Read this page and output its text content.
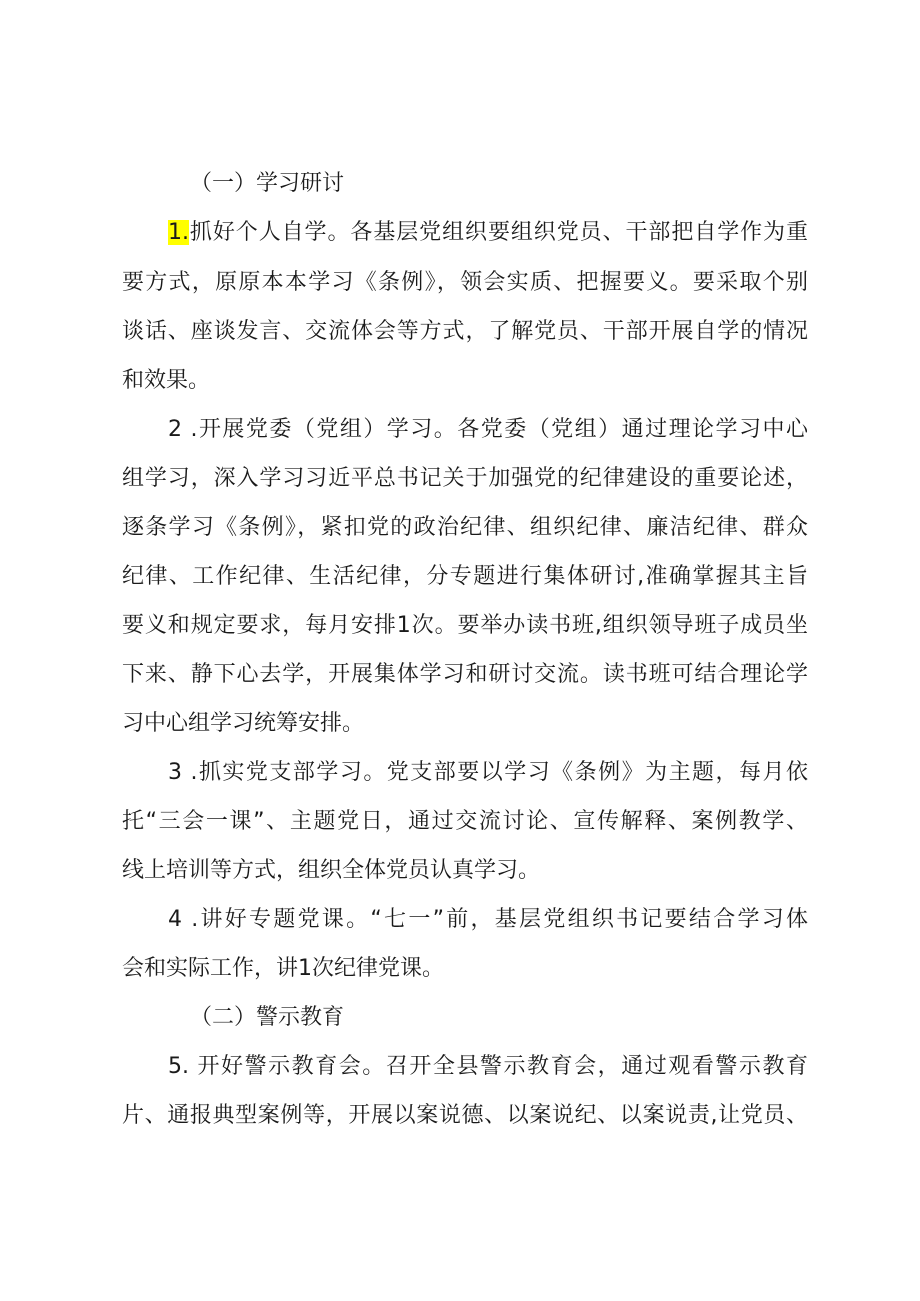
（一）学习研讨
1.抓好个人自学。各基层党组织要组织党员、干部把自学作为重
要方式，原原本本学习《条例》，领会实质、把握要义。要采取个别
谈话、座谈发言、交流体会等方式，了解党员、干部开展自学的情况
和效果。
2 .开展党委（党组）学习。各党委（党组）通过理论学习中心
组学习，深入学习习近平总书记关于加强党的纪律建设的重要论述，
逐条学习《条例》，紧扣党的政治纪律、组织纪律、廉洁纪律、群众
纪律、工作纪律、生活纪律，分专题进行集体研讨,准确掌握其主旨
要义和规定要求，每月安排1次。要举办读书班,组织领导班子成员坐
下来、静下心去学，开展集体学习和研讨交流。读书班可结合理论学
习中心组学习统筹安排。
3 .抓实党支部学习。党支部要以学习《条例》为主题，每月依
托“三会一课”、主题党日，通过交流讨论、宣传解释、案例教学、
线上培训等方式，组织全体党员认真学习。
4 .讲好专题党课。“七一”前，基层党组织书记要结合学习体
会和实际工作，讲1次纪律党课。
（二）警示教育
5. 开好警示教育会。召开全县警示教育会，通过观看警示教育
片、通报典型案例等，开展以案说德、以案说纪、以案说责,让党员、
